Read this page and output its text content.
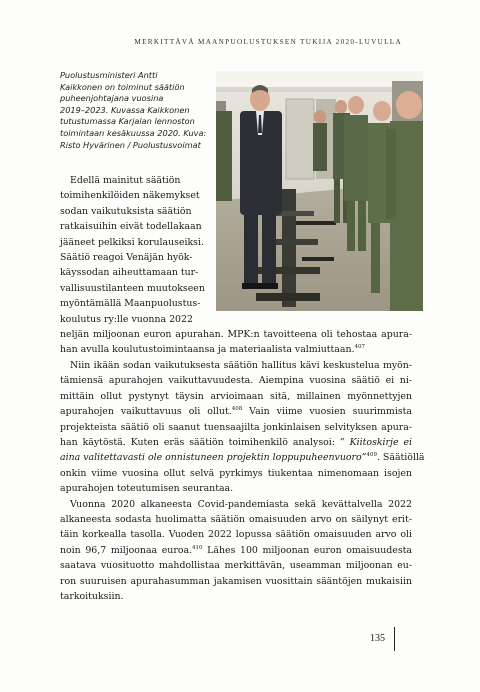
MERKITTÄVÄ MAANPUOLUSTUKSEN TUKIJA 2020-LUVULLA
Puolustusministeri Antti
Kaikkonen on toiminut säätiön
puheenjohtajana vuosina
2019–2023. Kuvassa Kaikkonen
tutustumassa Karjalan lennoston
toimintaan kesäkuussa 2020. Kuva:
Risto Hyvärinen / Puolustusvoimat
Edellä mainitut säätiön
toimihenkilöiden näkemykset
sodan vaikutuksista säätiön
ratkaisuihin eivät todellakaan
jääneet pelkiksi korulauseiksi.
Säätiö reagoi Venäjän hyök-
käyssodan aiheuttamaan tur-
vallisuustilanteen muutokseen
myöntämällä Maanpuolustus-
koulutus ry:lle vuonna 2022
neljän miljoonan euron apurahan. MPK:n tavoitteena oli tehostaa apura-
han avulla koulutustoimintaansa ja materiaalista valmiuttaan.$^{407}$
Niin ikään sodan vaikutuksesta säätiön hallitus kävi keskustelua myön-
tämiensä apurahojen vaikuttavuudesta. Aiempina vuosina säätiö ei ni-
mittäin ollut pystynyt täysin arvioimaan sitä, millainen myönnettyjen
apurahojen vaikuttavuus oli ollut.$^{408}$ Vain viime vuosien suurimmista
projekteista säätiö oli saanut tuensaajilta jonkinlaisen selvityksen apura-
han käytöstä. Kuten eräs säätiön toimihenkilö analysoi: ” Kiitoskirje ei
aina valitettavasti ole onnistuneen projektin loppupuheenvuoro”$^{409}$. Säätiöllä
onkin viime vuosina ollut selvä pyrkimys tiukentaa nimenomaan isojen
apurahojen toteutumisen seurantaa.
Vuonna 2020 alkaneesta Covid-pandemiasta sekä kevättalvella 2022
alkaneesta sodasta huolimatta säätiön omaisuuden arvo on säilynyt erit-
täin korkealla tasolla. Vuoden 2022 lopussa säätiön omaisuuden arvo oli
noin 96,7 miljoonaa euroa.$^{410}$ Lähes 100 miljoonan euron omaisuudesta
saatava vuosituotto mahdollistaa merkittävän, useamman miljoonan eu-
ron suuruisen apurahasumman jakamisen vuosittain sääntöjen mukaisiin
tarkoituksiin.
135
